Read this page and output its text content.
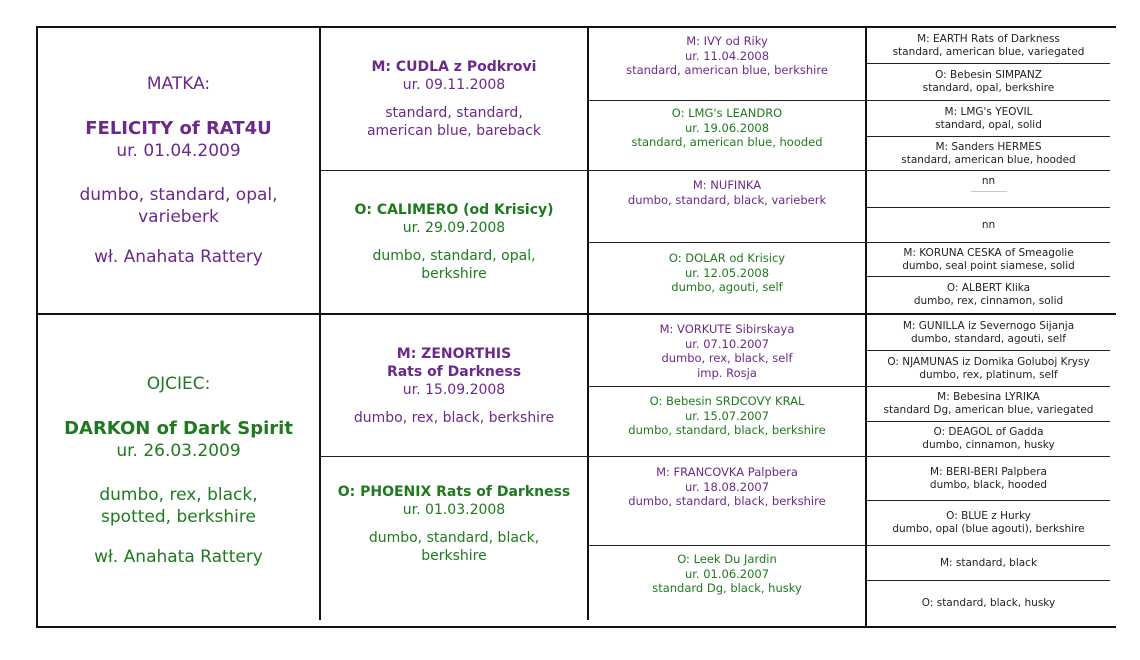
MATKA:
FELICITY of RAT4U
ur. 01.04.2009
dumbo, standard, opal,
varieberk
wł. Anahata Rattery
M: CUDLA z Podkrovi
ur. 09.11.2008
standard, standard,
american blue, bareback
O: CALIMERO (od Krisicy)
ur. 29.09.2008
dumbo, standard, opal,
berkshire
M: IVY od Riky
ur. 11.04.2008
standard, american blue, berkshire
O: LMG's LEANDRO
ur. 19.06.2008
standard, american blue, hooded
M: NUFINKA
dumbo, standard, black, varieberk
O: DOLAR od Krisicy
ur. 12.05.2008
dumbo, agouti, self
M: EARTH Rats of Darkness
standard, american blue, variegated
O: Bebesin SIMPANZ
standard, opal, berkshire
M: LMG's YEOVIL
standard, opal, solid
M: Sanders HERMES
standard, american blue, hooded
nn
nn
M: KORUNA CESKA of Smeagolie
dumbo, seal point siamese, solid
O: ALBERT Klika
dumbo, rex, cinnamon, solid
OJCIEC:
DARKON of Dark Spirit
ur. 26.03.2009
dumbo, rex, black,
spotted, berkshire
wł. Anahata Rattery
M: ZENORTHIS
Rats of Darkness
ur. 15.09.2008
dumbo, rex, black, berkshire
O: PHOENIX Rats of Darkness
ur. 01.03.2008
dumbo, standard, black,
berkshire
M: VORKUTE Sibirskaya
ur. 07.10.2007
dumbo, rex, black, self
imp. Rosja
O: Bebesin SRDCOVY KRAL
ur. 15.07.2007
dumbo, standard, black, berkshire
M: FRANCOVKA Palpbera
ur. 18.08.2007
dumbo, standard, black, berkshire
O: Leek Du Jardin
ur. 01.06.2007
standard Dg, black, husky
M: GUNILLA iz Severnogo Sijanja
dumbo, standard, agouti, self
O: NJAMUNAS iz Domika Goluboj Krysy
dumbo, rex, platinum, self
M: Bebesina LYRIKA
standard Dg, american blue, variegated
O: DEAGOL of Gadda
dumbo, cinnamon, husky
M: BERI-BERI Palpbera
dumbo, black, hooded
O: BLUE z Hurky
dumbo, opal (blue agouti), berkshire
M: standard, black
O: standard, black, husky
